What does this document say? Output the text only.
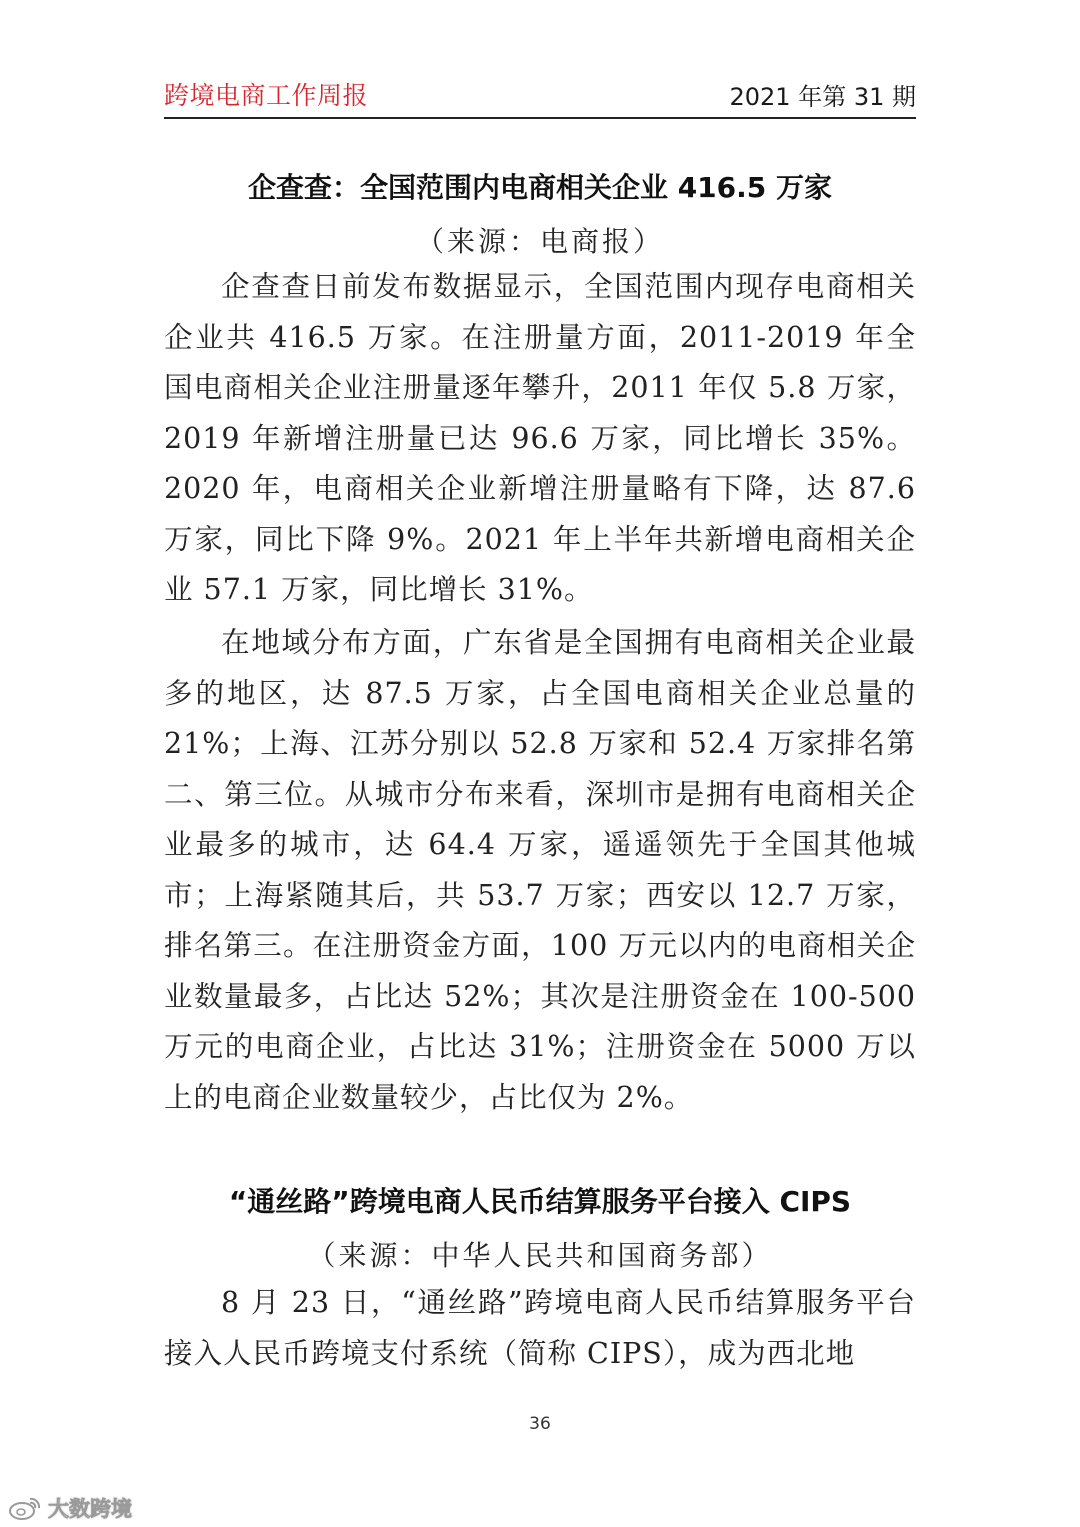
跨境电商工作周报	2021 年第 31 期
企查查：全国范围内电商相关企业 416.5 万家
（来源：电商报）

企查查日前发布数据显示，全国范围内现存电商相关企业共 416.5 万家。在注册量方面，2011-2019 年全国电商相关企业注册量逐年攀升，2011 年仅 5.8 万家，2019 年新增注册量已达 96.6 万家，同比增长 35%。2020 年，电商相关企业新增注册量略有下降，达 87.6 万家，同比下降 9%。2021 年上半年共新增电商相关企业 57.1 万家，同比增长 31%。

在地域分布方面，广东省是全国拥有电商相关企业最多的地区，达 87.5 万家，占全国电商相关企业总量的 21%；上海、江苏分别以 52.8 万家和 52.4 万家排名第二、第三位。从城市分布来看，深圳市是拥有电商相关企业最多的城市，达 64.4 万家，遥遥领先于全国其他城市；上海紧随其后，共 53.7 万家；西安以 12.7 万家，排名第三。在注册资金方面，100 万元以内的电商相关企业数量最多，占比达 52%；其次是注册资金在 100-500 万元的电商企业，占比达 31%；注册资金在 5000 万以上的电商企业数量较少，占比仅为 2%。

“通丝路”跨境电商人民币结算服务平台接入 CIPS
（来源：中华人民共和国商务部）

8 月 23 日，“通丝路”跨境电商人民币结算服务平台接入人民币跨境支付系统（简称 CIPS），成为西北地

36
大数跨境
